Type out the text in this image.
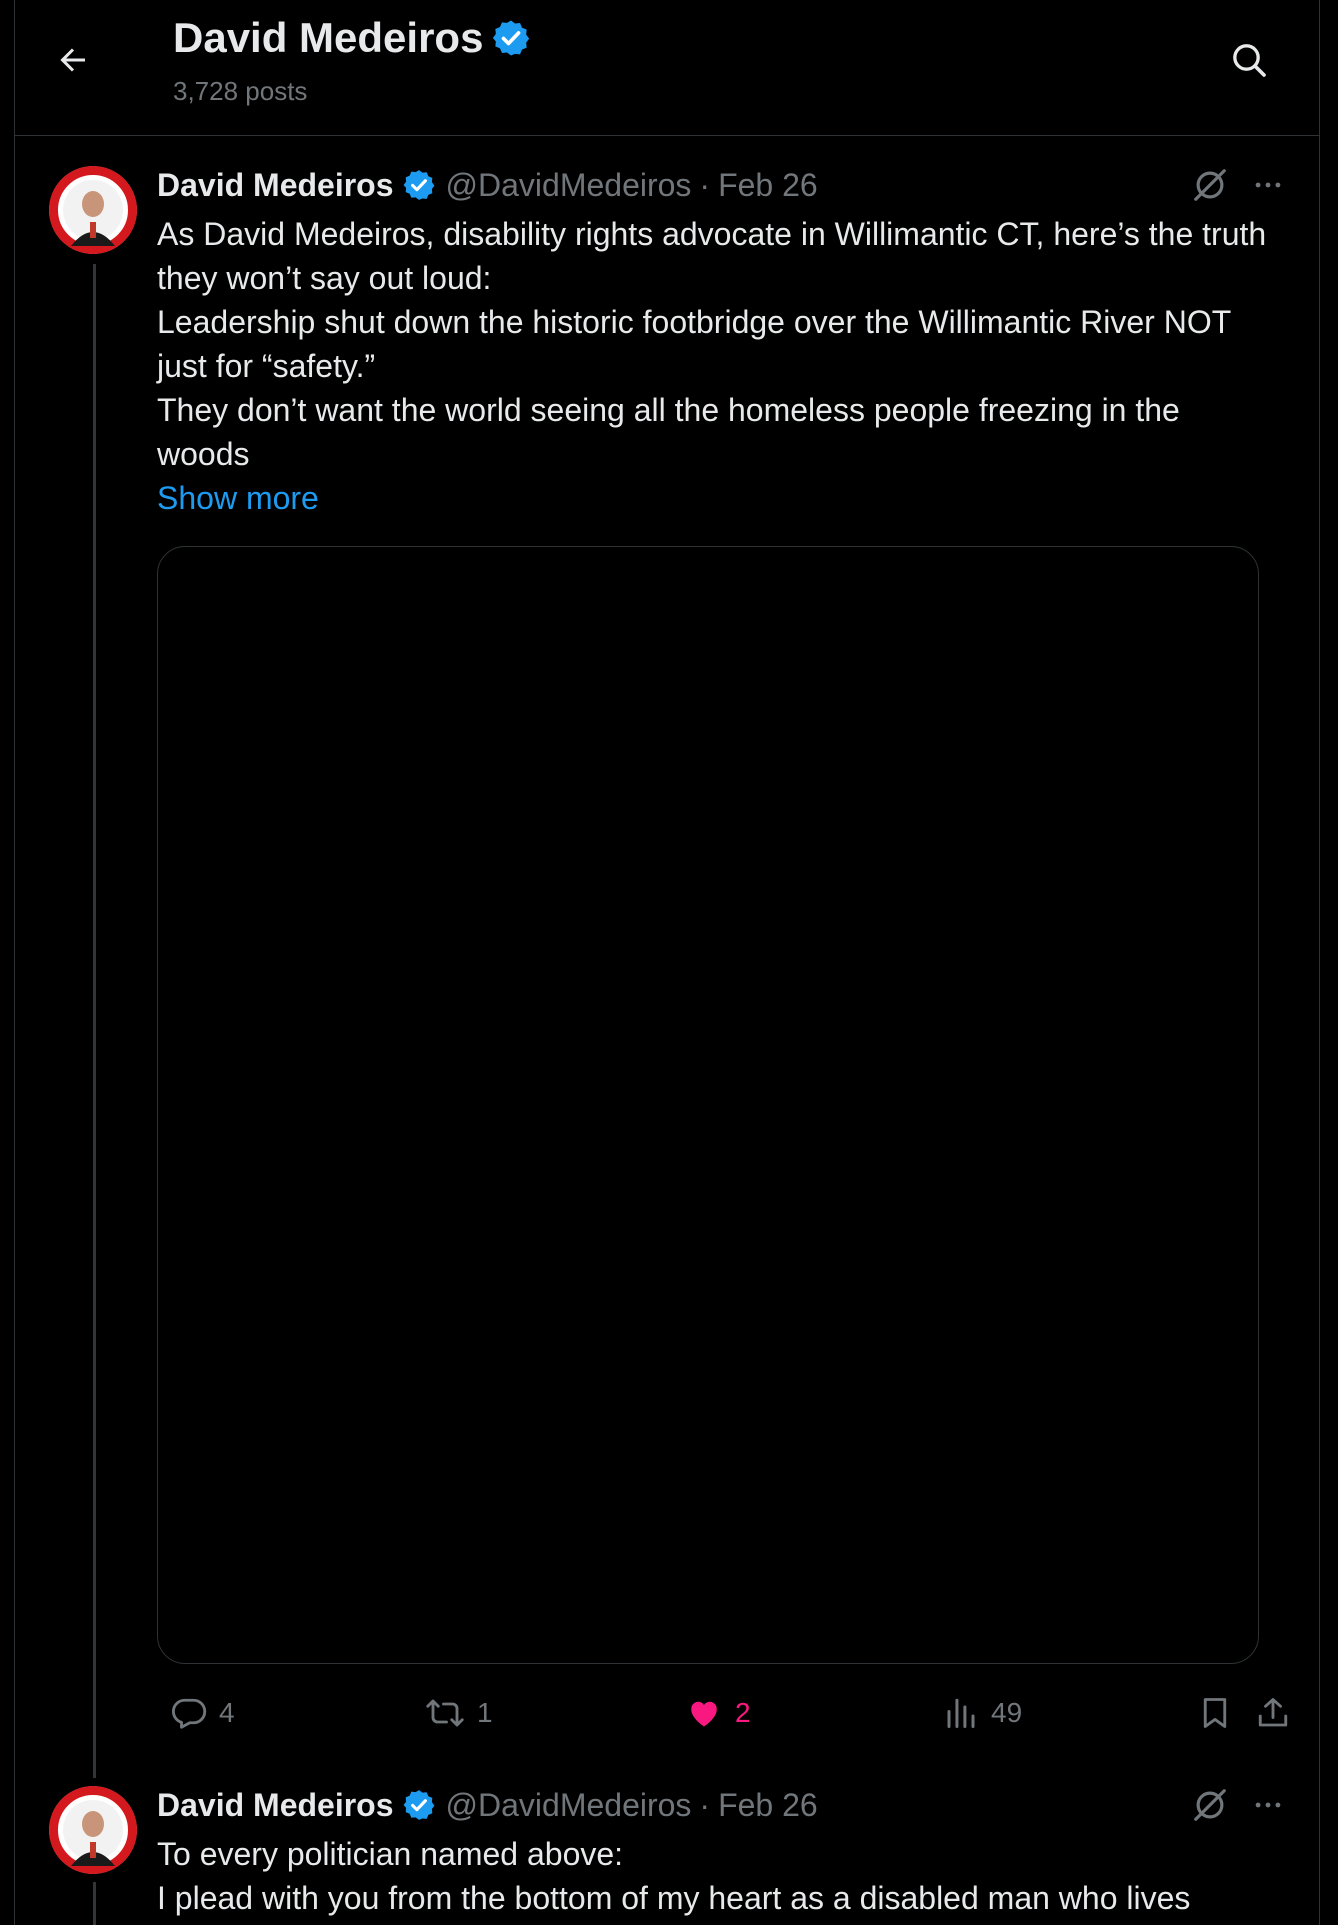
David Medeiros
3,728 posts
David Medeiros @DavidMedeiros · Feb 26

As David Medeiros, disability rights advocate in Willimantic CT, here’s the truth they won’t say out loud:

Leadership shut down the historic footbridge over the Willimantic River NOT just for “safety.”

They don’t want the world seeing all the homeless people freezing in the woods

Show more

4	1	2	49
David Medeiros @DavidMedeiros · Feb 26

To every politician named above:

I plead with you from the bottom of my heart as a disabled man who lives
